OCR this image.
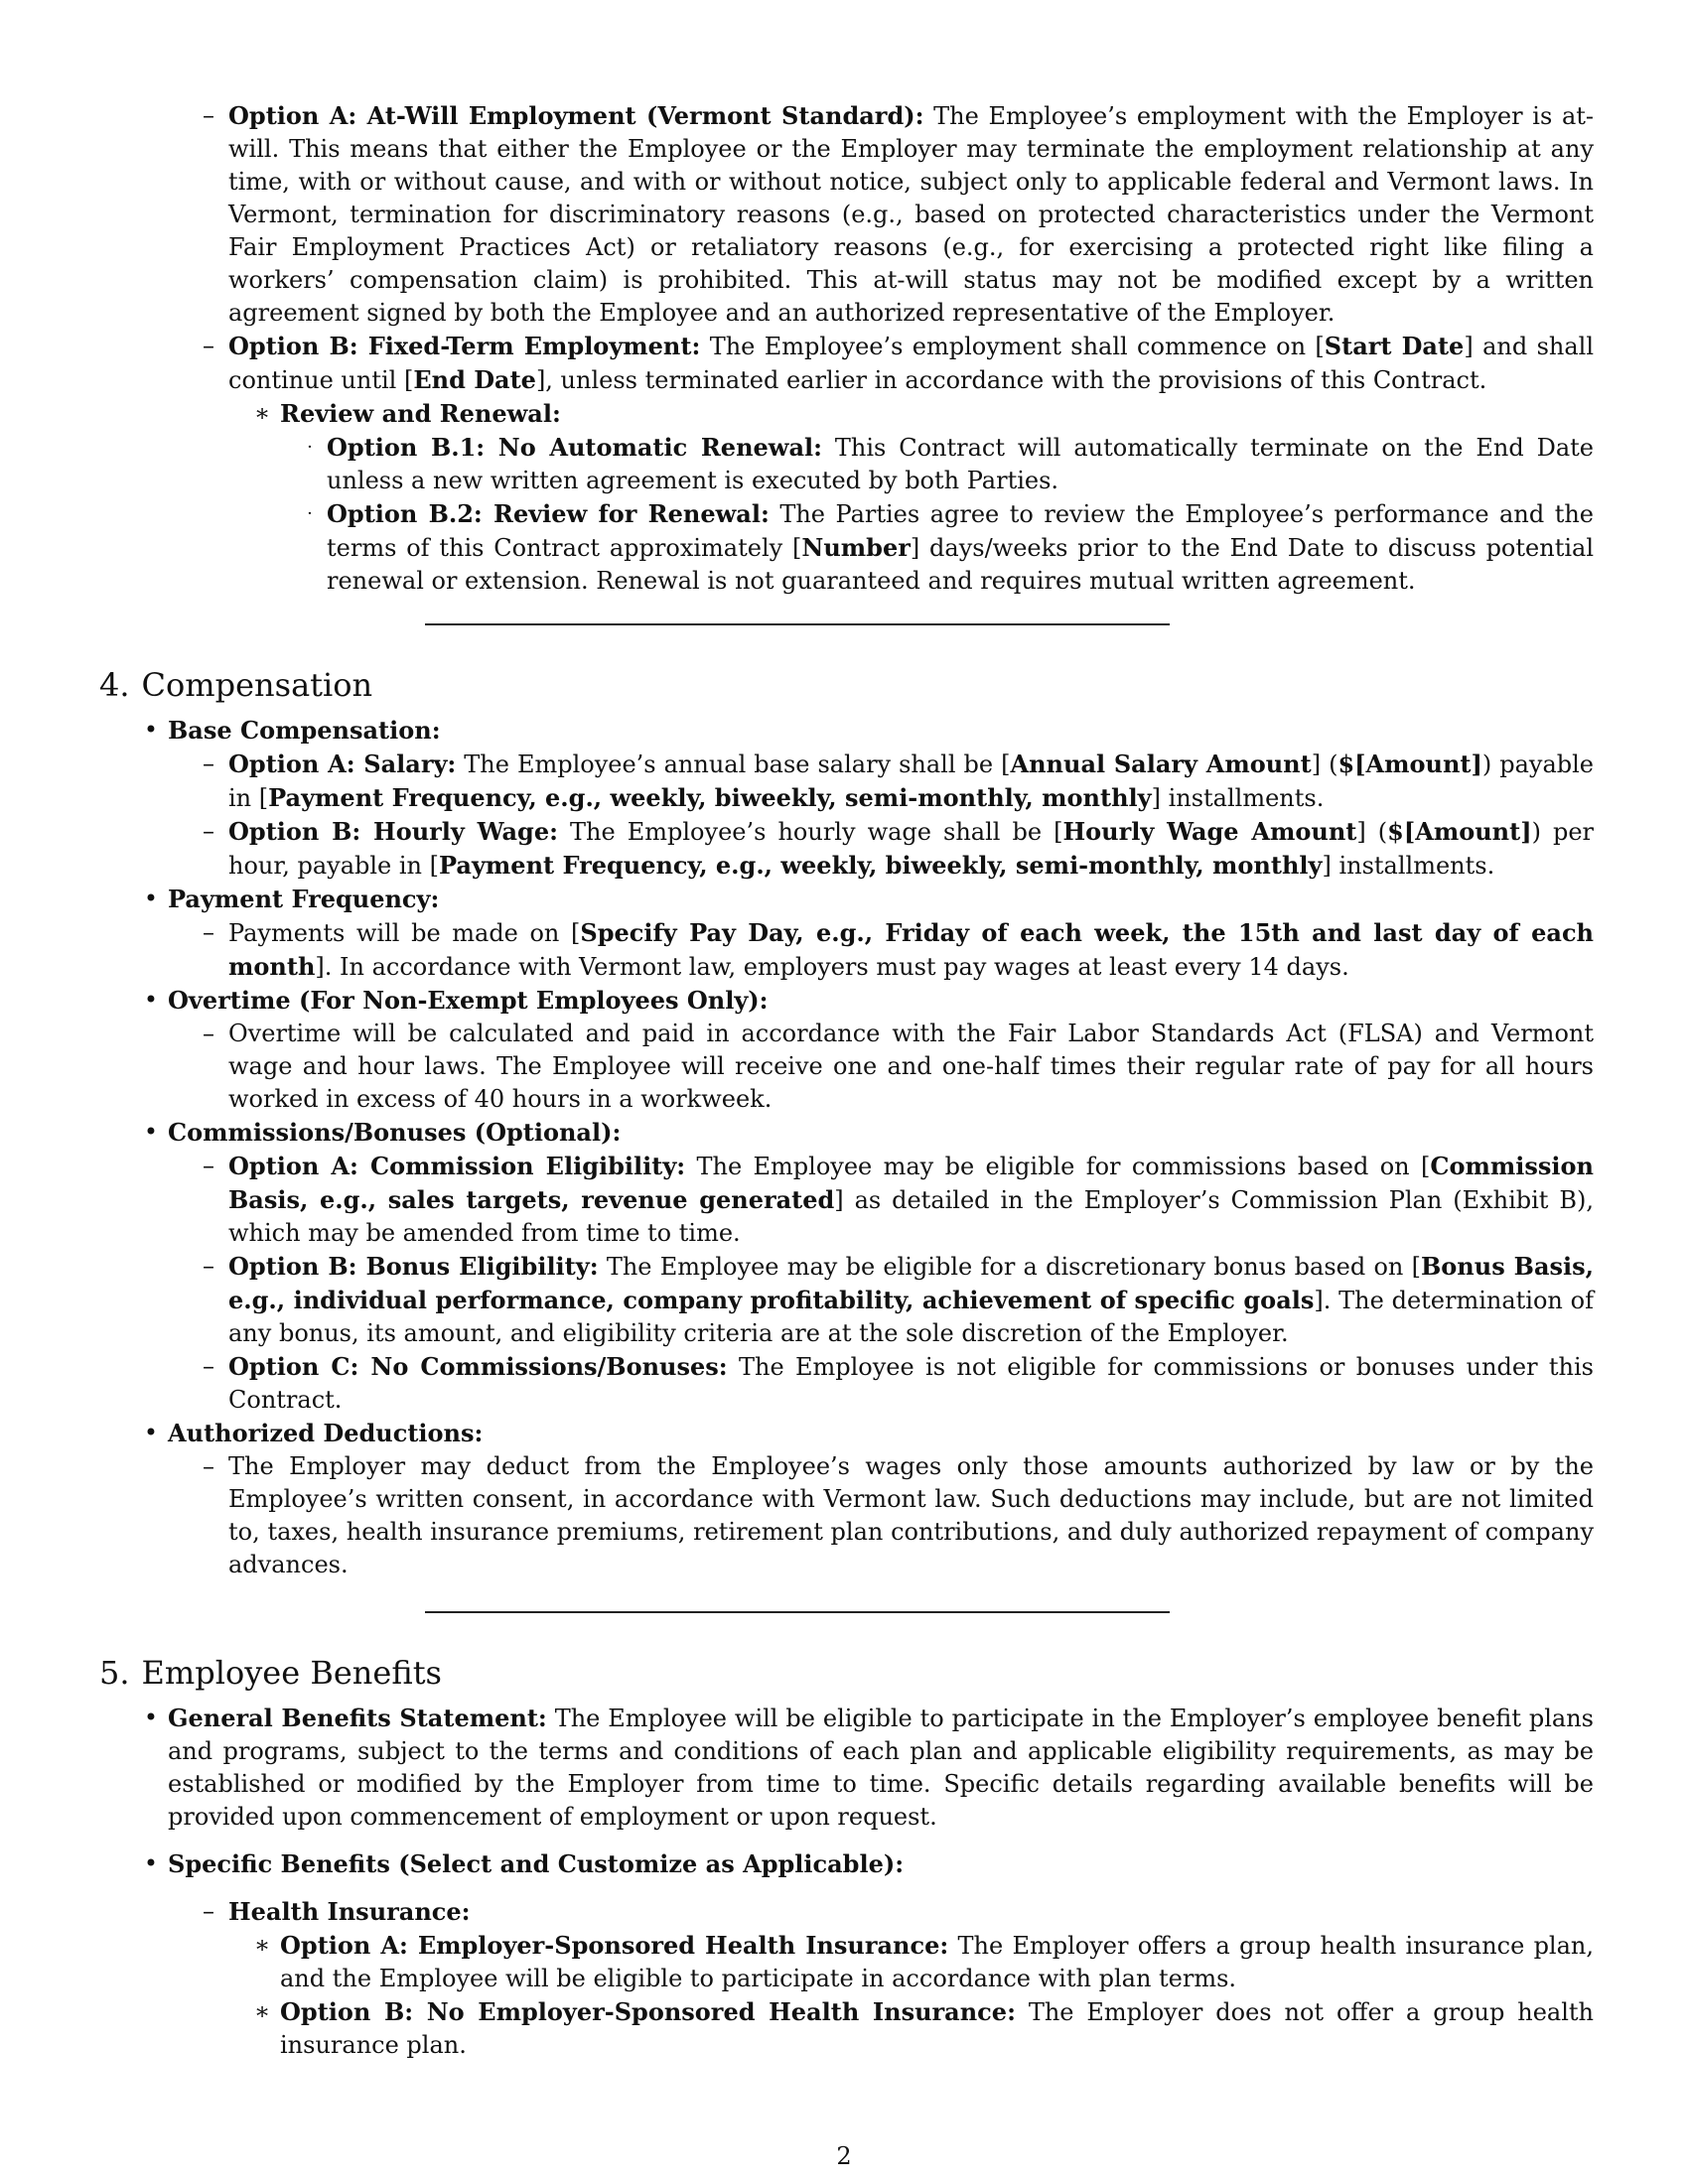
– Option A: At-Will Employment (Vermont Standard): The Employee’s employment with the Employer is at-will. This means that either the Employee or the Employer may terminate the employment relationship at any time, with or without cause, and with or without notice, subject only to applicable federal and Vermont laws. In Vermont, termination for discriminatory reasons (e.g., based on protected characteristics under the Vermont Fair Employment Practices Act) or retaliatory reasons (e.g., for exercising a protected right like filing a workers’ compensation claim) is prohibited. This at-will status may not be modified except by a written agreement signed by both the Employee and an authorized representative of the Employer.
– Option B: Fixed-Term Employment: The Employee’s employment shall commence on [Start Date] and shall continue until [End Date], unless terminated earlier in accordance with the provisions of this Contract.
∗ Review and Renewal:
· Option B.1: No Automatic Renewal: This Contract will automatically terminate on the End Date unless a new written agreement is executed by both Parties.
· Option B.2: Review for Renewal: The Parties agree to review the Employee’s performance and the terms of this Contract approximately [Number] days/weeks prior to the End Date to discuss potential renewal or extension. Renewal is not guaranteed and requires mutual written agreement.
4. Compensation
• Base Compensation:
– Option A: Salary: The Employee’s annual base salary shall be [Annual Salary Amount] ($[Amount]) payable in [Payment Frequency, e.g., weekly, biweekly, semi-monthly, monthly] installments.
– Option B: Hourly Wage: The Employee’s hourly wage shall be [Hourly Wage Amount] ($[Amount]) per hour, payable in [Payment Frequency, e.g., weekly, biweekly, semi-monthly, monthly] installments.
• Payment Frequency:
– Payments will be made on [Specify Pay Day, e.g., Friday of each week, the 15th and last day of each month]. In accordance with Vermont law, employers must pay wages at least every 14 days.
• Overtime (For Non-Exempt Employees Only):
– Overtime will be calculated and paid in accordance with the Fair Labor Standards Act (FLSA) and Vermont wage and hour laws. The Employee will receive one and one-half times their regular rate of pay for all hours worked in excess of 40 hours in a workweek.
• Commissions/Bonuses (Optional):
– Option A: Commission Eligibility: The Employee may be eligible for commissions based on [Commission Basis, e.g., sales targets, revenue generated] as detailed in the Employer’s Commission Plan (Exhibit B), which may be amended from time to time.
– Option B: Bonus Eligibility: The Employee may be eligible for a discretionary bonus based on [Bonus Basis, e.g., individual performance, company profitability, achievement of specific goals]. The determination of any bonus, its amount, and eligibility criteria are at the sole discretion of the Employer.
– Option C: No Commissions/Bonuses: The Employee is not eligible for commissions or bonuses under this Contract.
• Authorized Deductions:
– The Employer may deduct from the Employee’s wages only those amounts authorized by law or by the Employee’s written consent, in accordance with Vermont law. Such deductions may include, but are not limited to, taxes, health insurance premiums, retirement plan contributions, and duly authorized repayment of company advances.
5. Employee Benefits
• General Benefits Statement: The Employee will be eligible to participate in the Employer’s employee benefit plans and programs, subject to the terms and conditions of each plan and applicable eligibility requirements, as may be established or modified by the Employer from time to time. Specific details regarding available benefits will be provided upon commencement of employment or upon request.
• Specific Benefits (Select and Customize as Applicable):
– Health Insurance:
∗ Option A: Employer-Sponsored Health Insurance: The Employer offers a group health insurance plan, and the Employee will be eligible to participate in accordance with plan terms.
∗ Option B: No Employer-Sponsored Health Insurance: The Employer does not offer a group health insurance plan.
2
